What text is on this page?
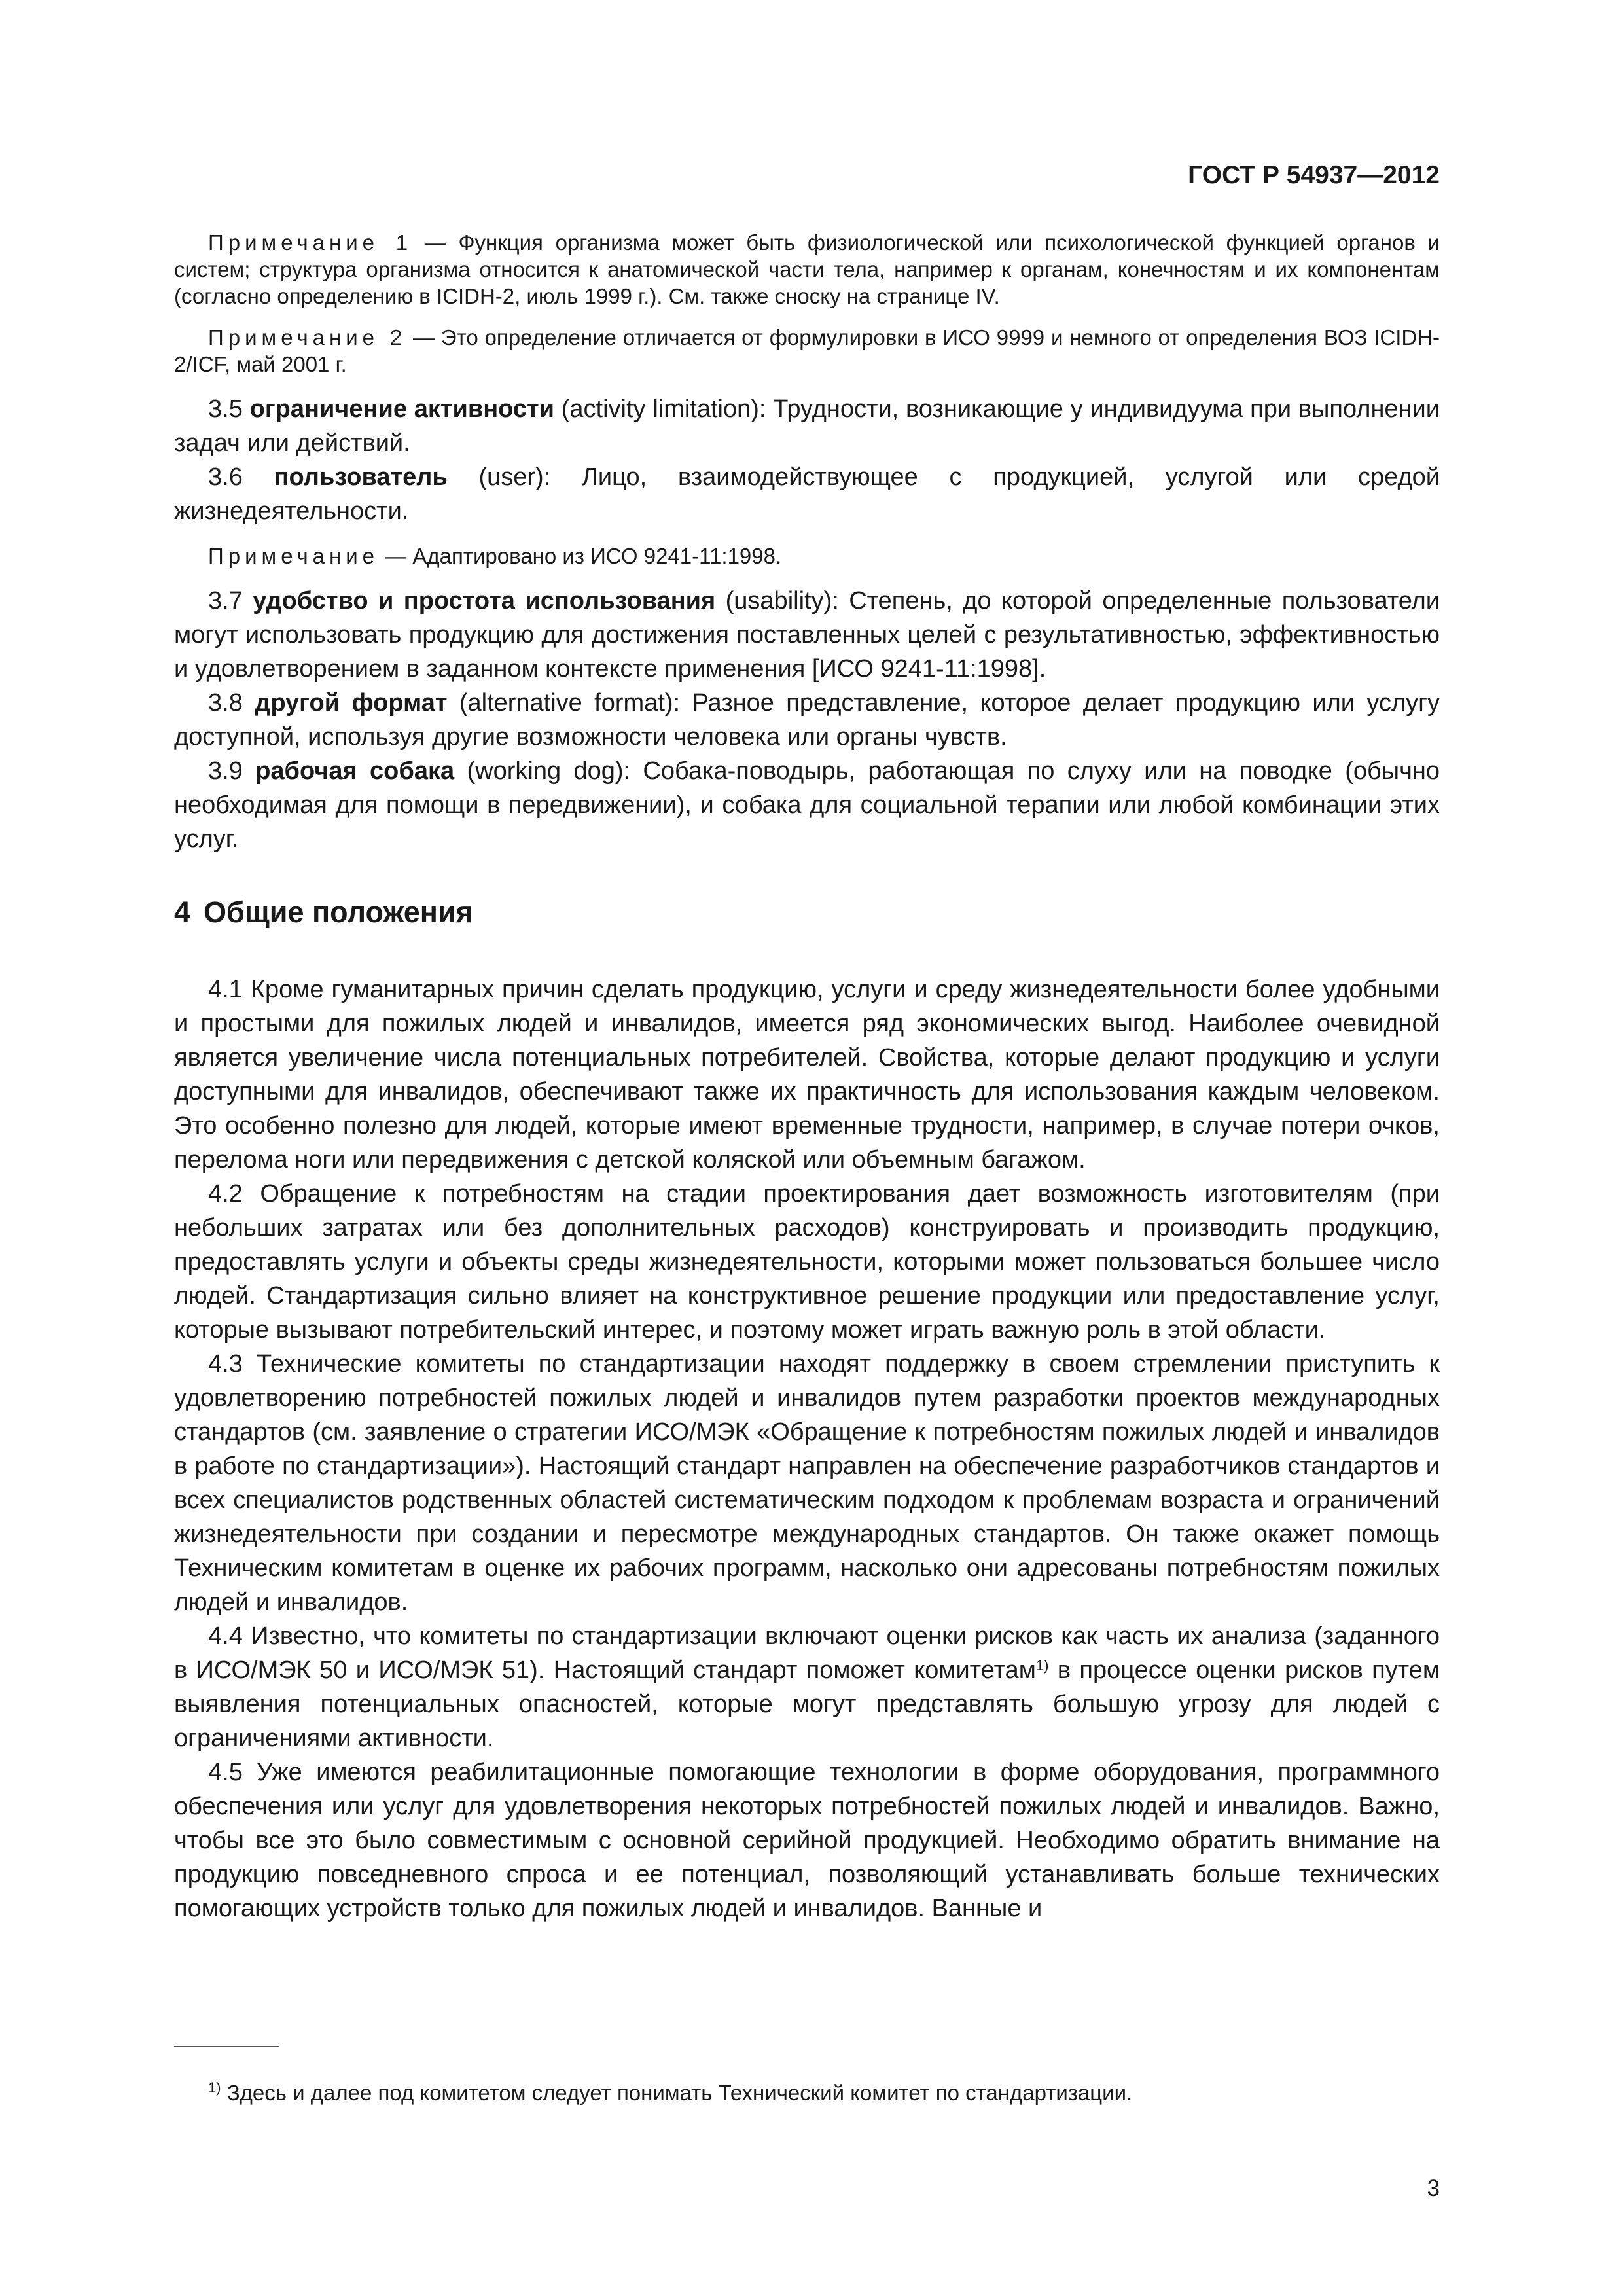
ГОСТ Р 54937—2012

Примечание 1 — Функция организма может быть физиологической или психологической функцией органов и систем; структура организма относится к анатомической части тела, например к органам, конечностям и их компонентам (согласно определению в ICIDH-2, июль 1999 г.). См. также сноску на странице IV.

Примечание 2 — Это определение отличается от формулировки в ИСО 9999 и немного от определения ВОЗ ICIDH-2/ICF, май 2001 г.

3.5 ограничение активности (activity limitation): Трудности, возникающие у индивидуума при выполнении задач или действий.

3.6 пользователь (user): Лицо, взаимодействующее с продукцией, услугой или средой жизнедеятельности.

Примечание — Адаптировано из ИСО 9241-11:1998.

3.7 удобство и простота использования (usability): Степень, до которой определенные пользователи могут использовать продукцию для достижения поставленных целей с результативностью, эффективностью и удовлетворением в заданном контексте применения [ИСО 9241-11:1998].

3.8 другой формат (alternative format): Разное представление, которое делает продукцию или услугу доступной, используя другие возможности человека или органы чувств.

3.9 рабочая собака (working dog): Собака-поводырь, работающая по слуху или на поводке (обычно необходимая для помощи в передвижении), и собака для социальной терапии или любой комбинации этих услуг.

4 Общие положения

4.1 Кроме гуманитарных причин сделать продукцию, услуги и среду жизнедеятельности более удобными и простыми для пожилых людей и инвалидов, имеется ряд экономических выгод. Наиболее очевидной является увеличение числа потенциальных потребителей. Свойства, которые делают продукцию и услуги доступными для инвалидов, обеспечивают также их практичность для использования каждым человеком. Это особенно полезно для людей, которые имеют временные трудности, например, в случае потери очков, перелома ноги или передвижения с детской коляской или объемным багажом.

4.2 Обращение к потребностям на стадии проектирования дает возможность изготовителям (при небольших затратах или без дополнительных расходов) конструировать и производить продукцию, предоставлять услуги и объекты среды жизнедеятельности, которыми может пользоваться большее число людей. Стандартизация сильно влияет на конструктивное решение продукции или предоставление услуг, которые вызывают потребительский интерес, и поэтому может играть важную роль в этой области.

4.3 Технические комитеты по стандартизации находят поддержку в своем стремлении приступить к удовлетворению потребностей пожилых людей и инвалидов путем разработки проектов международных стандартов (см. заявление о стратегии ИСО/МЭК «Обращение к потребностям пожилых людей и инвалидов в работе по стандартизации»). Настоящий стандарт направлен на обеспечение разработчиков стандартов и всех специалистов родственных областей систематическим подходом к проблемам возраста и ограничений жизнедеятельности при создании и пересмотре международных стандартов. Он также окажет помощь Техническим комитетам в оценке их рабочих программ, насколько они адресованы потребностям пожилых людей и инвалидов.

4.4 Известно, что комитеты по стандартизации включают оценки рисков как часть их анализа (заданного в ИСО/МЭК 50 и ИСО/МЭК 51). Настоящий стандарт поможет комитетам$^{1)}$ в процессе оценки рисков путем выявления потенциальных опасностей, которые могут представлять большую угрозу для людей с ограничениями активности.

4.5 Уже имеются реабилитационные помогающие технологии в форме оборудования, программного обеспечения или услуг для удовлетворения некоторых потребностей пожилых людей и инвалидов. Важно, чтобы все это было совместимым с основной серийной продукцией. Необходимо обратить внимание на продукцию повседневного спроса и ее потенциал, позволяющий устанавливать больше технических помогающих устройств только для пожилых людей и инвалидов. Ванные и

$^{1)}$ Здесь и далее под комитетом следует понимать Технический комитет по стандартизации.
3
